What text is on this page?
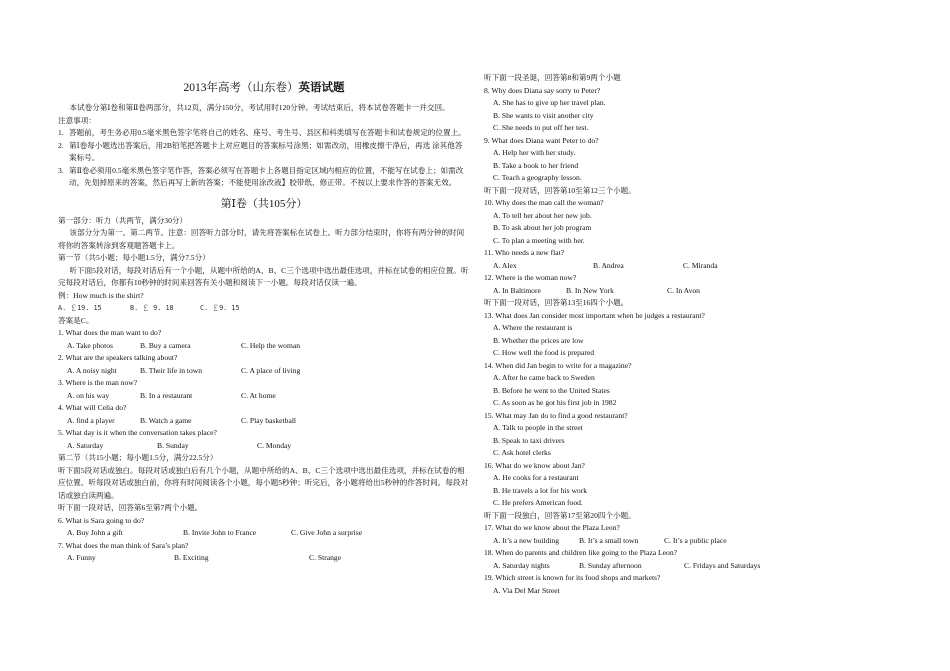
2013年高考（山东卷）英语试题

本试卷分第Ⅰ卷和第Ⅱ卷两部分，共12页，满分150分，考试用时120分钟。考试结束后，将本试卷答题卡一并交回。

注意事项：

1. 答题前，考生务必用0.5毫米黑色签字笔将自己的姓名、座号、考生号、县区和科类填写在答题卡和试卷规定的位置上。
2. 第Ⅰ卷每小题选出答案后，用2B铅笔把答题卡上对应题目的答案标号涂黑；如需改动，用橡皮擦干净后，再选 涂其他答案标号。
3. 第Ⅱ卷必须用0.5毫米黑色签字笔作答，答案必须写在答题卡上各题目指定区域内相应的位置，不能写在试卷上；如需改动，先划掉原来的答案，然后再写上新的答案；不能使用涂改液】胶带纸、修正带。不按以上要求作答的答案无效。
第Ⅰ卷（共105分）

第一部分：听力（共两节，满分30分）

该部分分为第一、第二两节。注意：回答听力部分时，请先将答案标在试卷上。听力部分结束时，你将有两分钟的时间将你的答案转涂到客观题答题卡上。

第一节（共5小题；每小题1.5分，满分7.5分）

听下面5段对话，每段对话后有一个小题，从题中所给的A、B、C三个选项中选出最佳选项，并标在试卷的相应位置。听完每段对话后，你都有10秒钟的时间来回答有关小题和阅读下一小题。每段对话仅读一遍。

例：How much is the shirt?

A. ￡19. 15	B. ￡ 9. 18	C. ￡9. 15

答案是C。

1. What does the man want to do?

A. Take photos	B. Buy a camera	C. Help the woman

2. What are the speakers talking about?

A. A noisy night	B. Their life in town	C. A place of living

3. Where is the man now?

A. on his way	B. In a restaurant	C. At home

4. What will Celia do?

A. find a player	B. Watch a game	C. Play basketball

5. What day is it when the conversation takes place?

A. Saturday	B. Sunday	C. Monday

第二节（共15小题；每小题1.5分，满分22.5分）

听下面5段对话或独白。每段对话或独白后有几个小题，从题中所给的A、B、C三个选项中选出最佳选项，并标在试卷的相应位置。听每段对话或独白前，你将有时间阅读各个小题，每小题5秒钟；听完后，各小题将给出5秒钟的作答时间。每段对话或独白读两遍。

听下面一段对话，回答第6至第7两个小题。

6. What is Sara going to do?

A. Buy John a gift	B. Invite John to France	C. Give John a surprise

7. What does the man think of Sara’s plan?

A. Funny	B. Exciting	C. Strange

听下面一段圣诞，回答第8和第9两个小题

8. Why does Diana say sorry to Peter?

A. She has to give up her travel plan.
B. She wants to visit another city
C. She needs to put off her test.

9. What does Diana want Peter to do?

A. Help her with her study.
B. Take a book to her friend
C. Teach a geography lesson.

听下面一段对话，回答第10至第12三个小题。

10. Why does the man call the woman?

A. To tell her about her new job.
B. To ask about her job program
C. To plan a meeting with her.

11. Who needs a new flat?

A. Alex	B. Andrea	C. Miranda

12. Where is the woman now?

A. In Baltimore	B. In New York	C. In Avon

听下面一段对话，回答第13至16四个小题。

13. What does Jan consider most important when he judges a restaurant?

A. Where the restaurant is
B. Whether the prices are low
C. How well the food is prepared

14. When did Jan begin to write for a magazine?

A. After he came back to Sweden
B. Before he went to the United States
C. As soon as he got his first job in 1982

15. What may Jan do to find a good restaurant?

A. Talk to people in the street
B. Speak to taxi drivers
C. Ask hotel clerks

16. What do we know about Jan?

A. He cooks for a restaurant
B. He travels a lot for his work
C. He prefers American food.

听下面一段独白，回答第17至第20四个小题。

17. What do we know about the Plaza Leon?

A. It’s a new building	B. It’s a small town	C. It’s a public place

18. When do parents and children like going to the Plaza Leon?

A. Saturday nights	B. Sunday afternoon	C. Fridays and Saturdays

19. Which street is known for its food shops and markets?

A. Via Del Mar Street
